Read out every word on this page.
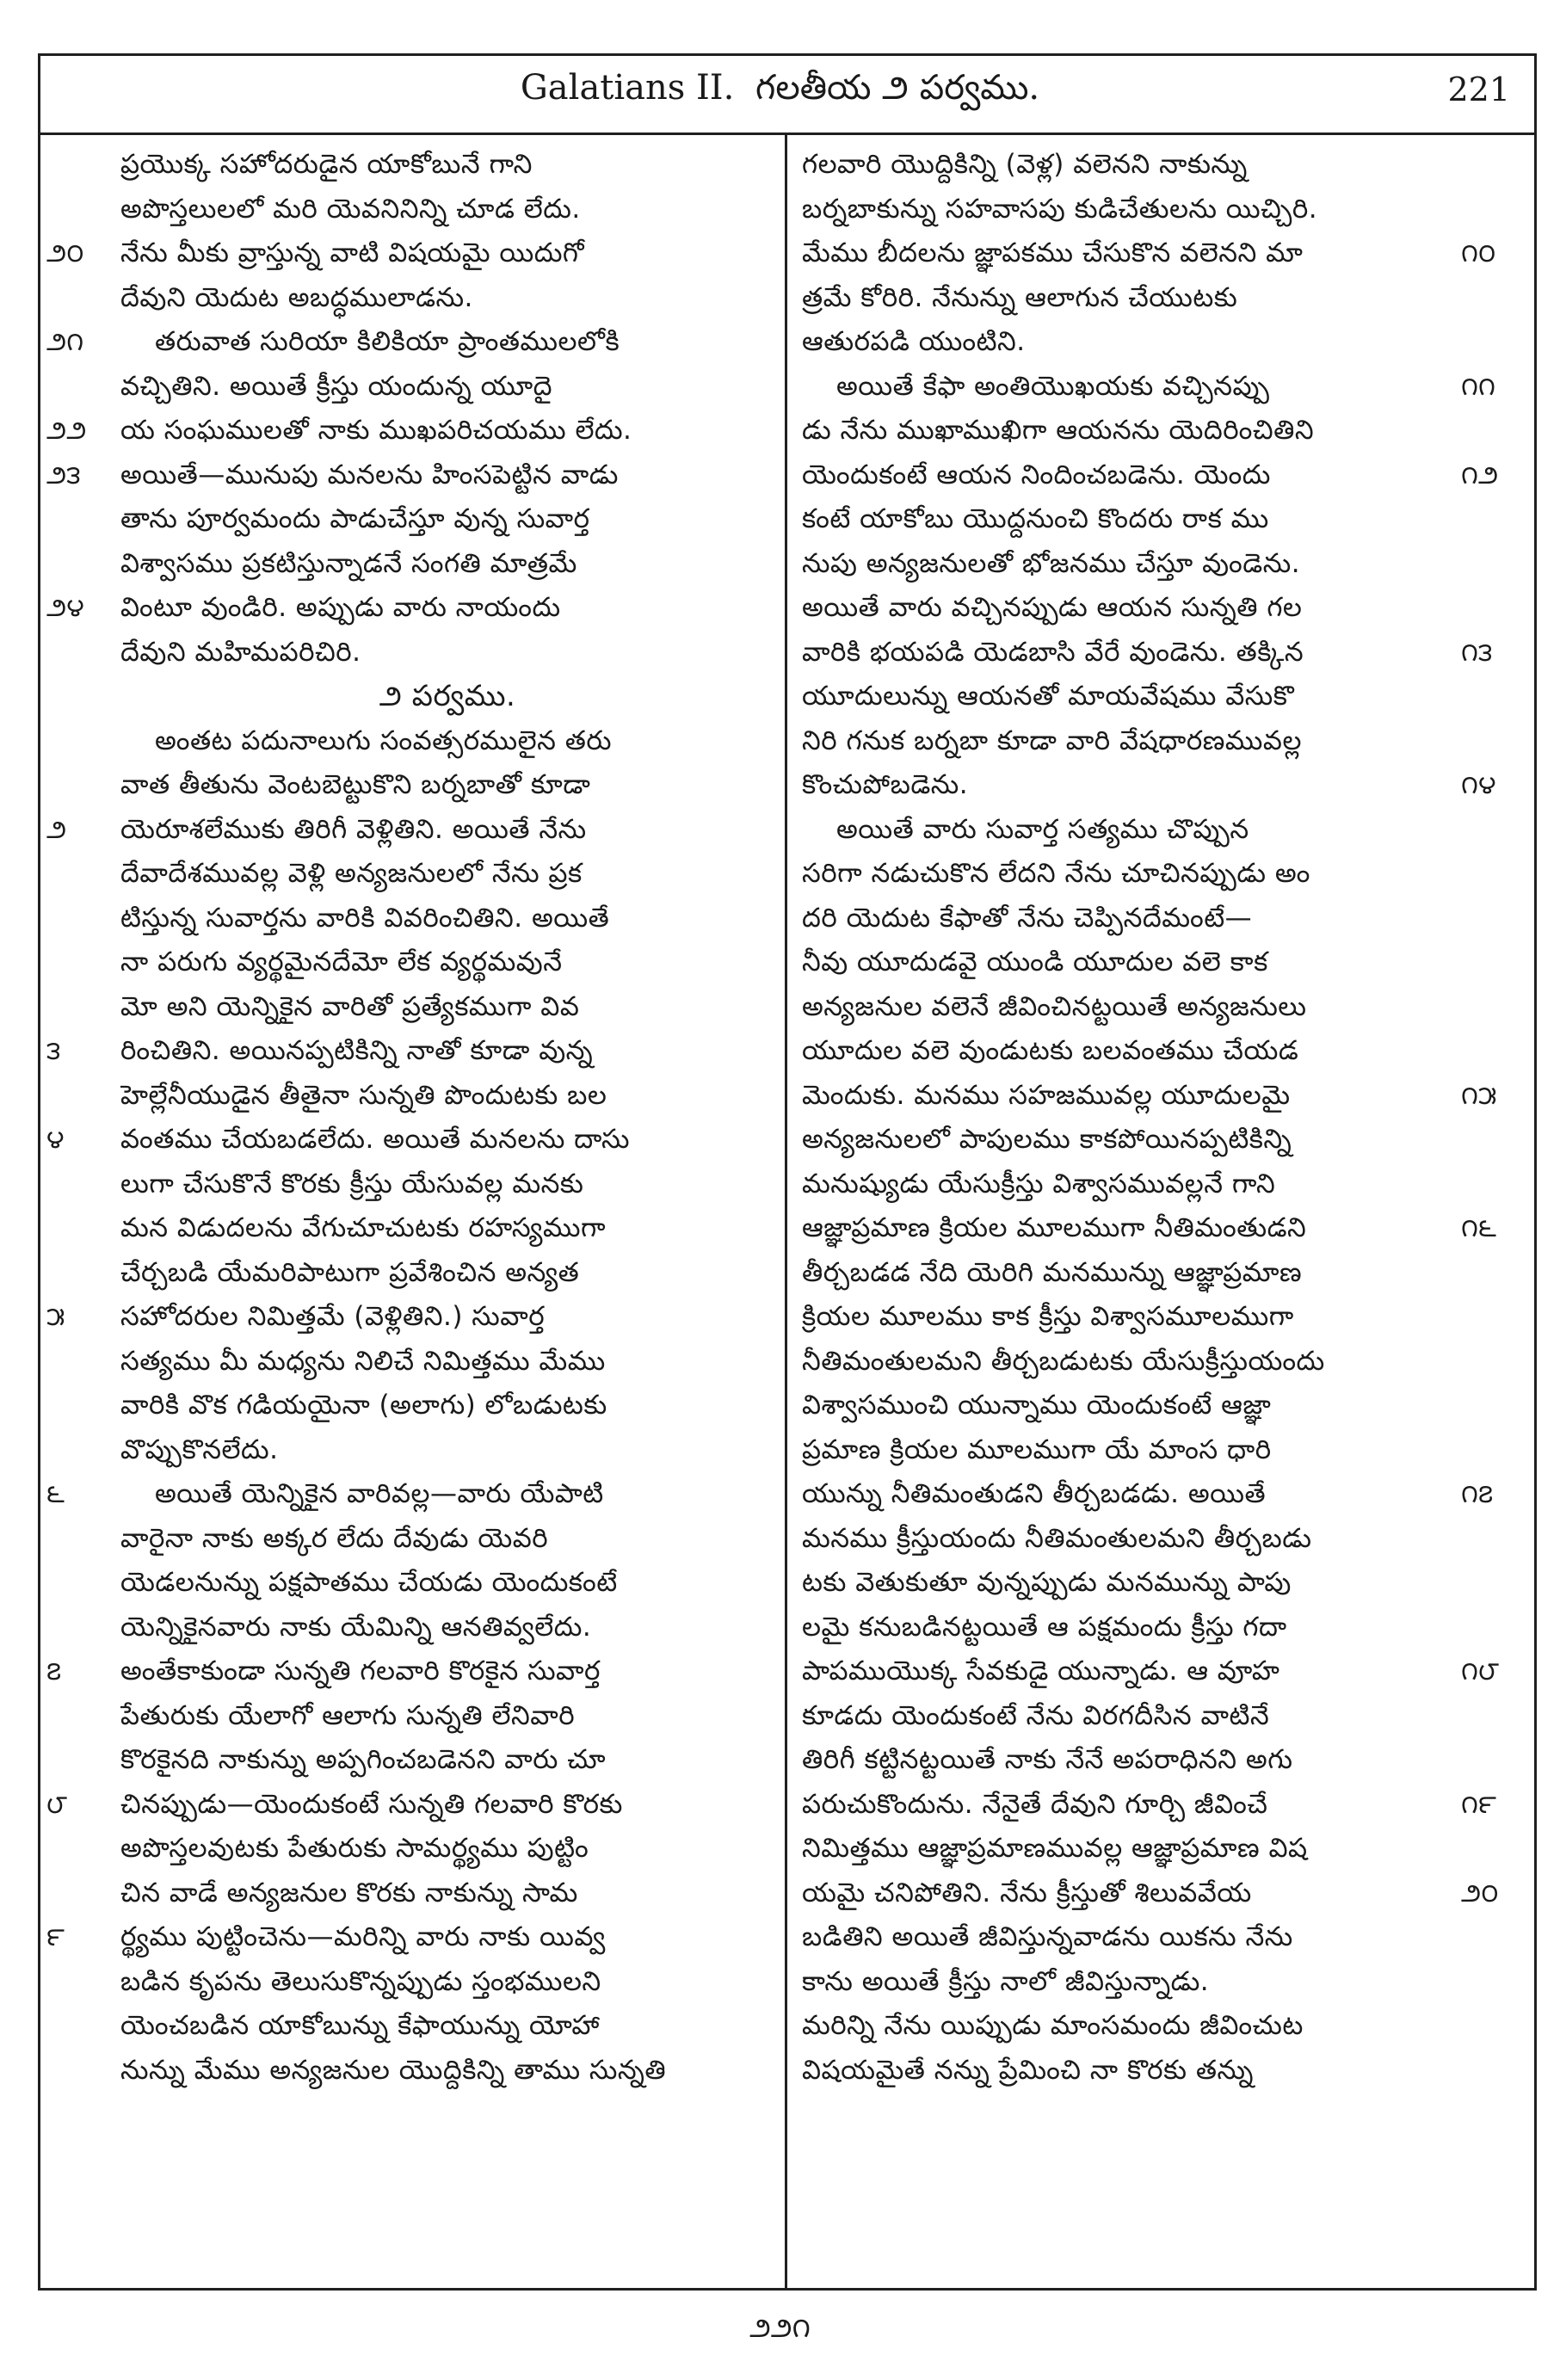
Galatians II. గలతీయ ౨ పర్వము.	221
ప్రయొక్క సహోదరుడైన యాకోబునే గాని
అపొస్తలులలో మరి యెవనినిన్ని చూడ లేదు.
నేను మీకు వ్రాస్తున్న వాటి విషయమై యిదుగో
దేవుని యెదుట అబద్ధములాడను.
తరువాత సురియా కిలికియా ప్రాంతములలోకి
వచ్చితిని. అయితే క్రీస్తు యందున్న యూదై
య సంఘములతో నాకు ముఖపరిచయము లేదు.
అయితే—మునుపు మనలను హింసపెట్టిన వాడు
తాను పూర్వమందు పాడుచేస్తూ వున్న సువార్త
విశ్వాసము ప్రకటిస్తున్నాడనే సంగతి మాత్రమే
వింటూ వుండిరి. అప్పుడు వారు నాయందు
దేవుని మహిమపరిచిరి.
౨ పర్వము.
అంతట పదునాలుగు సంవత్సరములైన తరు
వాత తీతును వెంటబెట్టుకొని బర్నబాతో కూడా
యెరూశలేముకు తిరిగీ వెళ్లితిని. అయితే నేను
దేవాదేశమువల్ల వెళ్లి అన్యజనులలో నేను ప్రక
టిస్తున్న సువార్తను వారికి వివరించితిని. అయితే
నా పరుగు వ్యర్థమైనదేమో లేక వ్యర్థమవునే
మో అని యెన్నికైన వారితో ప్రత్యేకముగా వివ
రించితిని. అయినప్పటికిన్ని నాతో కూడా వున్న
హెల్లేనీయుడైన తీతైనా సున్నతి పొందుటకు బల
వంతము చేయబడలేదు. అయితే మనలను దాసు
లుగా చేసుకొనే కొరకు క్రీస్తు యేసువల్ల మనకు
మన విడుదలను వేగుచూచుటకు రహస్యముగా
చేర్చబడి యేమరిపాటుగా ప్రవేశించిన అన్యత
సహోదరుల నిమిత్తమే (వెళ్లితిని.) సువార్త
సత్యము మీ మధ్యను నిలిచే నిమిత్తము మేము
వారికి వొక గడియయైనా (అలాగు) లోబడుటకు
వొప్పుకొనలేదు.
అయితే యెన్నికైన వారివల్ల—వారు యేపాటి
వారైనా నాకు అక్కర లేదు దేవుడు యెవరి
యెడలనున్ను పక్షపాతము చేయడు యెందుకంటే
యెన్నికైనవారు నాకు యేమిన్ని ఆనతివ్వలేదు.
అంతేకాకుండా సున్నతి గలవారి కొరకైన సువార్త
పేతురుకు యేలాగో ఆలాగు సున్నతి లేనివారి
కొరకైనది నాకున్ను అప్పగించబడెనని వారు చూ
చినప్పుడు—యెందుకంటే సున్నతి గలవారి కొరకు
అపొస్తలవుటకు పేతురుకు సామర్థ్యము పుట్టిం
చిన వాడే అన్యజనుల కొరకు నాకున్ను సామ
ర్థ్యము పుట్టించెను—మరిన్ని వారు నాకు యివ్వ
బడిన కృపను తెలుసుకొన్నప్పుడు స్తంభములని
యెంచబడిన యాకోబున్ను కేఫాయున్ను యోహా
నున్ను మేము అన్యజనుల యొద్దికిన్ని తాము సున్నతి
గలవారి యొద్దికిన్ని (వెళ్ల) వలెనని నాకున్ను
బర్నబాకున్ను సహవాసపు కుడిచేతులను యిచ్చిరి.
మేము బీదలను జ్ఞాపకము చేసుకొన వలెనని మా
త్రమే కోరిరి. నేనున్ను ఆలాగున చేయుటకు
ఆతురపడి యుంటిని.
అయితే కేఫా అంతియొఖయకు వచ్చినప్పు
డు నేను ముఖాముఖిగా ఆయనను యెదిరించితిని
యెందుకంటే ఆయన నిందించబడెను. యెందు
కంటే యాకోబు యొద్దనుంచి కొందరు రాక ము
నుపు అన్యజనులతో భోజనము చేస్తూ వుండెను.
అయితే వారు వచ్చినప్పుడు ఆయన సున్నతి గల
వారికి భయపడి యెడబాసి వేరే వుండెను. తక్కిన
యూదులున్ను ఆయనతో మాయవేషము వేసుకొ
నిరి గనుక బర్నబా కూడా వారి వేషధారణమువల్ల
కొంచుపోబడెను.
అయితే వారు సువార్త సత్యము చొప్పున
సరిగా నడుచుకొన లేదని నేను చూచినప్పుడు అం
దరి యెదుట కేఫాతో నేను చెప్పినదేమంటే—
నీవు యూదుడవై యుండి యూదుల వలె కాక
అన్యజనుల వలెనే జీవించినట్టయితే అన్యజనులు
యూదుల వలె వుండుటకు బలవంతము చేయడ
మెందుకు. మనము సహజమువల్ల యూదులమై
అన్యజనులలో పాపులము కాకపోయినప్పటికిన్ని
మనుష్యుడు యేసుక్రీస్తు విశ్వాసమువల్లనే గాని
ఆజ్ఞాప్రమాణ క్రియల మూలముగా నీతిమంతుడని
తీర్చబడడ నేది యెరిగి మనమున్ను ఆజ్ఞాప్రమాణ
క్రియల మూలము కాక క్రీస్తు విశ్వాసమూలముగా
నీతిమంతులమని తీర్చబడుటకు యేసుక్రీస్తుయందు
విశ్వాసముంచి యున్నాము యెందుకంటే ఆజ్ఞా
ప్రమాణ క్రియల మూలముగా యే మాంస ధారి
యున్ను నీతిమంతుడని తీర్చబడడు. అయితే
మనము క్రీస్తుయందు నీతిమంతులమని తీర్చబడు
టకు వెతుకుతూ వున్నప్పుడు మనమున్ను పాపు
లమై కనుబడినట్టయితే ఆ పక్షమందు క్రీస్తు గదా
పాపముయొక్క సేవకుడై యున్నాడు. ఆ వూహ
కూడదు యెందుకంటే నేను విరగదీసిన వాటినే
తిరిగీ కట్టినట్టయితే నాకు నేనే అపరాధినని అగు
పరుచుకొందును. నేనైతే దేవుని గూర్చి జీవించే
నిమిత్తము ఆజ్ఞాప్రమాణమువల్ల ఆజ్ఞాప్రమాణ విష
యమై చనిపోతిని. నేను క్రీస్తుతో శిలువవేయ
బడితిని అయితే జీవిస్తున్నవాడను యికను నేను
కాను అయితే క్రీస్తు నాలో జీవిస్తున్నాడు.
మరిన్ని నేను యిప్పుడు మాంసమందు జీవించుట
విషయమైతే నన్ను ప్రేమించి నా కొరకు తన్ను
౨౦
౨౧
౨౨
౨౩
౨౪
౨
౩
౪
౫
౬
౭
౮
౯
౧౦
౧౧
౧౨
౧౩
౧౪
౧౫
౧౬
౧౭
౧౮
౧౯
౨౦
౨౨౧
